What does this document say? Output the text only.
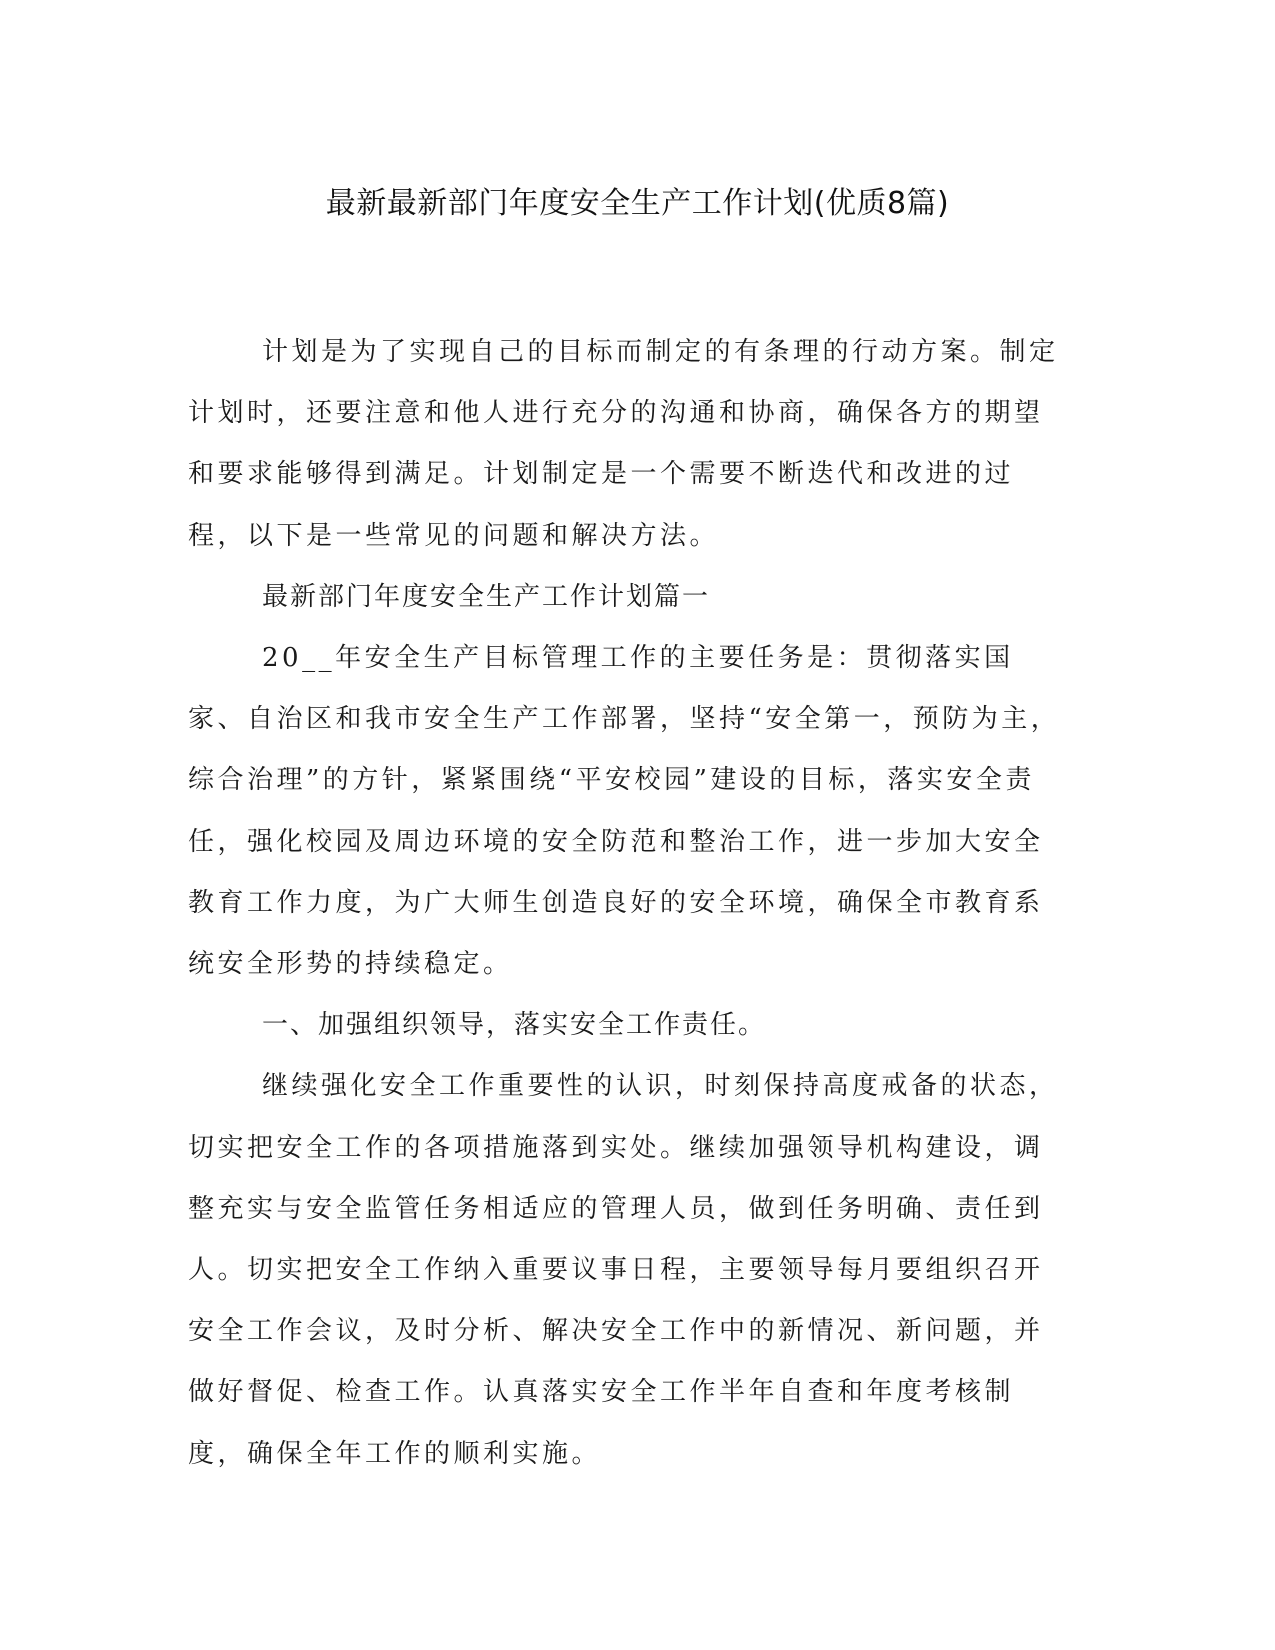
最新最新部门年度安全生产工作计划(优质8篇)

计划是为了实现自己的目标而制定的有条理的行动方案。制定计划时，还要注意和他人进行充分的沟通和协商，确保各方的期望和要求能够得到满足。计划制定是一个需要不断迭代和改进的过程，以下是一些常见的问题和解决方法。

最新部门年度安全生产工作计划篇一

20__年安全生产目标管理工作的主要任务是：贯彻落实国家、自治区和我市安全生产工作部署，坚持“安全第一，预防为主，综合治理”的方针，紧紧围绕“平安校园”建设的目标，落实安全责任，强化校园及周边环境的安全防范和整治工作，进一步加大安全教育工作力度，为广大师生创造良好的安全环境，确保全市教育系统安全形势的持续稳定。

一、加强组织领导，落实安全工作责任。

继续强化安全工作重要性的认识，时刻保持高度戒备的状态，切实把安全工作的各项措施落到实处。继续加强领导机构建设，调整充实与安全监管任务相适应的管理人员，做到任务明确、责任到人。切实把安全工作纳入重要议事日程，主要领导每月要组织召开安全工作会议，及时分析、解决安全工作中的新情况、新问题，并做好督促、检查工作。认真落实安全工作半年自查和年度考核制度，确保全年工作的顺利实施。
